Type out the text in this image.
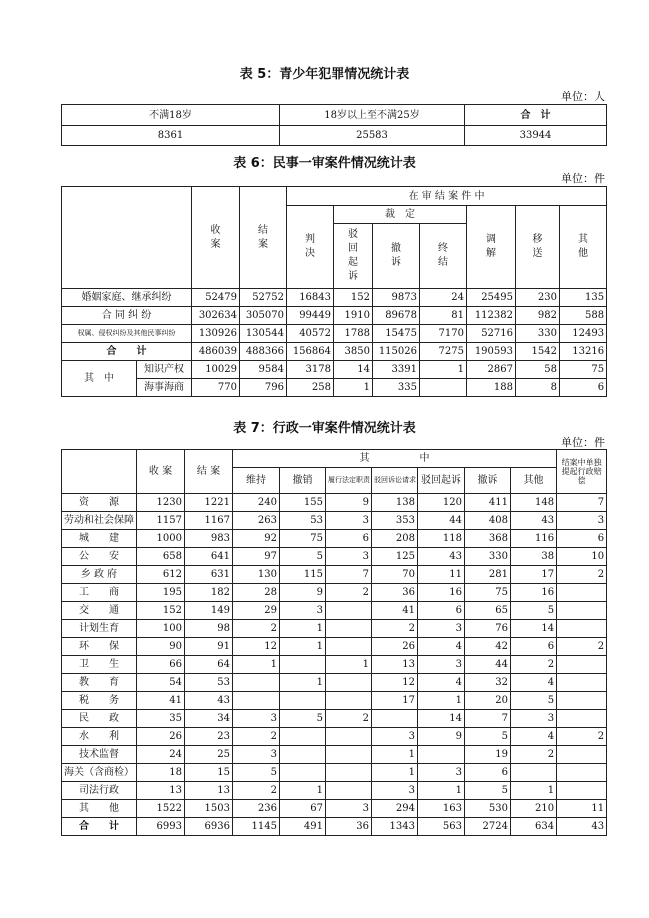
表 5：青少年犯罪情况统计表
单位：人
不满18岁	18岁以上至不满25岁	合　计
8361	25583	33944
表 6：民事一审案件情况统计表
单位：件
		收案	结案	在 审 结 案 件 中						
				判决	裁　定			调解	移送	其他
					驳回起诉	撤诉	终结			
婚姻家庭、继承纠纷		52479	52752	16843	152	9873	24	25495	230	135
合 同 纠 纷		302634	305070	99449	1910	89678	81	112382	982	588
权属、侵权纠纷及其他民事纠纷		130926	130544	40572	1788	15475	7170	52716	330	12493
合　　计		486039	488366	156864	3850	115026	7275	190593	1542	13216
其　中	知识产权	10029	9584	3178	14	3391	1	2867	58	75
	海事海商	770	796	258	1	335		188	8	6
表 7：行政一审案件情况统计表
单位：件
	收 案	结 案	其　　　　　中							结案中单独提起行政赔偿
			维持	撤销	履行法定职责	驳回诉讼请求	驳回起诉	撤诉	其他	
资　　源	1230	1221	240	155	9	138	120	411	148	7
劳动和社会保障	1157	1167	263	53	3	353	44	408	43	3
城　　建	1000	983	92	75	6	208	118	368	116	6
公　　安	658	641	97	5	3	125	43	330	38	10
乡 政 府	612	631	130	115	7	70	11	281	17	2
工　　商	195	182	28	9	2	36	16	75	16	
交　　通	152	149	29	3		41	6	65	5	
计划生育	100	98	2	1		2	3	76	14	
环　　保	90	91	12	1		26	4	42	6	2
卫　　生	66	64	1		1	13	3	44	2	
教　　育	54	53		1		12	4	32	4	
税　　务	41	43				17	1	20	5	
民　　政	35	34	3	5	2		14	7	3	
水　　利	26	23	2			3	9	5	4	2
技术监督	24	25	3			1		19	2	
海关（含商检）	18	15	5			1	3	6		
司法行政	13	13	2	1		3	1	5	1	
其　　他	1522	1503	236	67	3	294	163	530	210	11
合　　计	6993	6936	1145	491	36	1343	563	2724	634	43
